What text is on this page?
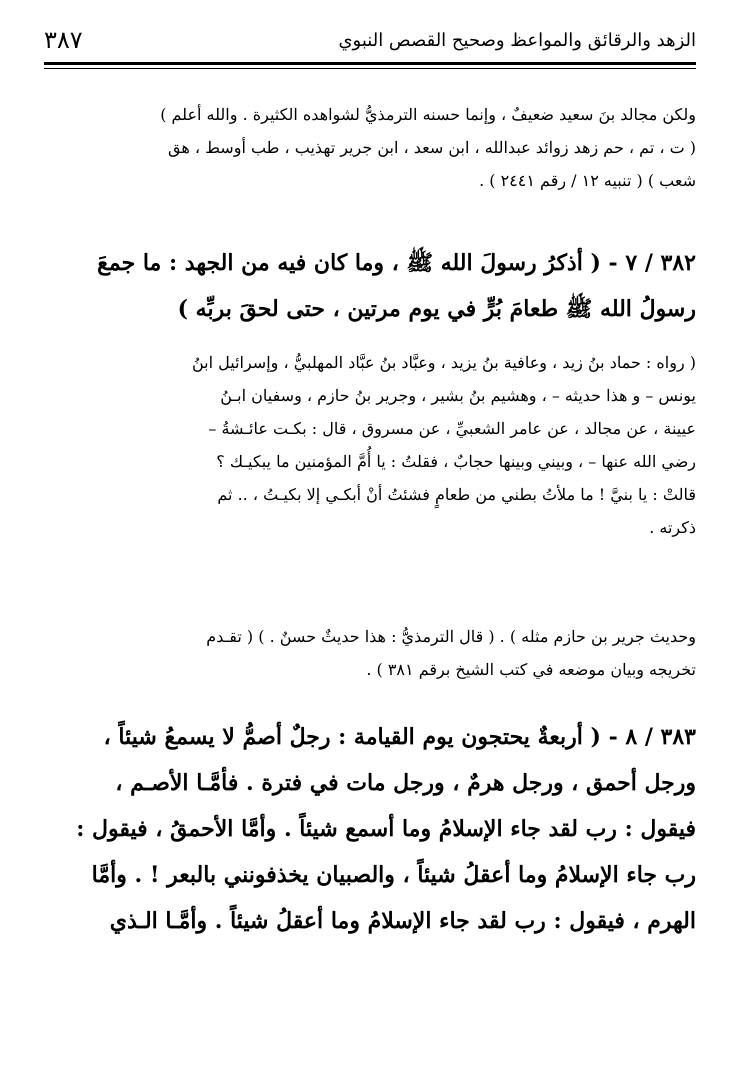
الزهد والرقائق والمواعظ وصحيح القصص النبوي
٣٨٧
ولكن مجالد بنَ سعيد ضعيفٌ ، وإنما حسنه الترمذيُّ لشواهده الكثيرة . والله أعلم )
( ت ، تم ، حم زهد زوائد عبدالله ، ابن سعد ، ابن جرير تهذيب ، طب أوسط ، هق
شعب ) ( تنبيه ١٢ / رقم ٢٤٤١ ) .
٣٨٢ / ٧ - ( أذكرُ رسولَ الله ﷺ ، وما كان فيه من الجهد : ما جمعَ
رسولُ الله ﷺ طعامَ بُرٍّ في يوم مرتين ، حتى لحقَ بربِّه )
( رواه : حماد بنُ زيد ، وعافية بنُ يزيد ، وعبَّاد بنُ عبَّاد المهلبيُّ ، وإسرائيل ابنُ
يونس – و هذا حديثه – ، وهشيم بنُ بشير ، وجرير بنُ حازم ، وسفيان ابـنُ
عيينة ، عن مجالد ، عن عامر الشعبيِّ ، عن مسروق ، قال : بكـت عائـشةُ –
رضي الله عنها – ، وبيني وبينها حجابٌ ، فقلتُ : يا أُمَّ المؤمنين ما يبكيـك ؟
قالتْ : يا بنيَّ ! ما ملأتُ بطني من طعامٍ فشئتُ أنْ أبكـي إلا بكيـتُ ، .. ثم
ذكرته .
وحديث جرير بن حازم مثله ) . ( قال الترمذيُّ : هذا حديثٌ حسنٌ . ) ( تقـدم
تخريجه وبيان موضعه في كتب الشيخ برقم ٣٨١ ) .
٣٨٣ / ٨ - ( أربعةٌ يحتجون يوم القيامة : رجلٌ أصمُّ لا يسمعُ شيئاً ،
ورجل أحمق ، ورجل هرمٌ ، ورجل مات في فترة . فأمَّـا الأصـم ،
فيقول : رب لقد جاء الإسلامُ وما أسمع شيئاً . وأمَّا الأحمقُ ، فيقول :
رب جاء الإسلامُ وما أعقلُ شيئاً ، والصبيان يخذفونني بالبعر ! . وأمَّا
الهرم ، فيقول : رب لقد جاء الإسلامُ وما أعقلُ شيئاً . وأمَّـا الـذي
